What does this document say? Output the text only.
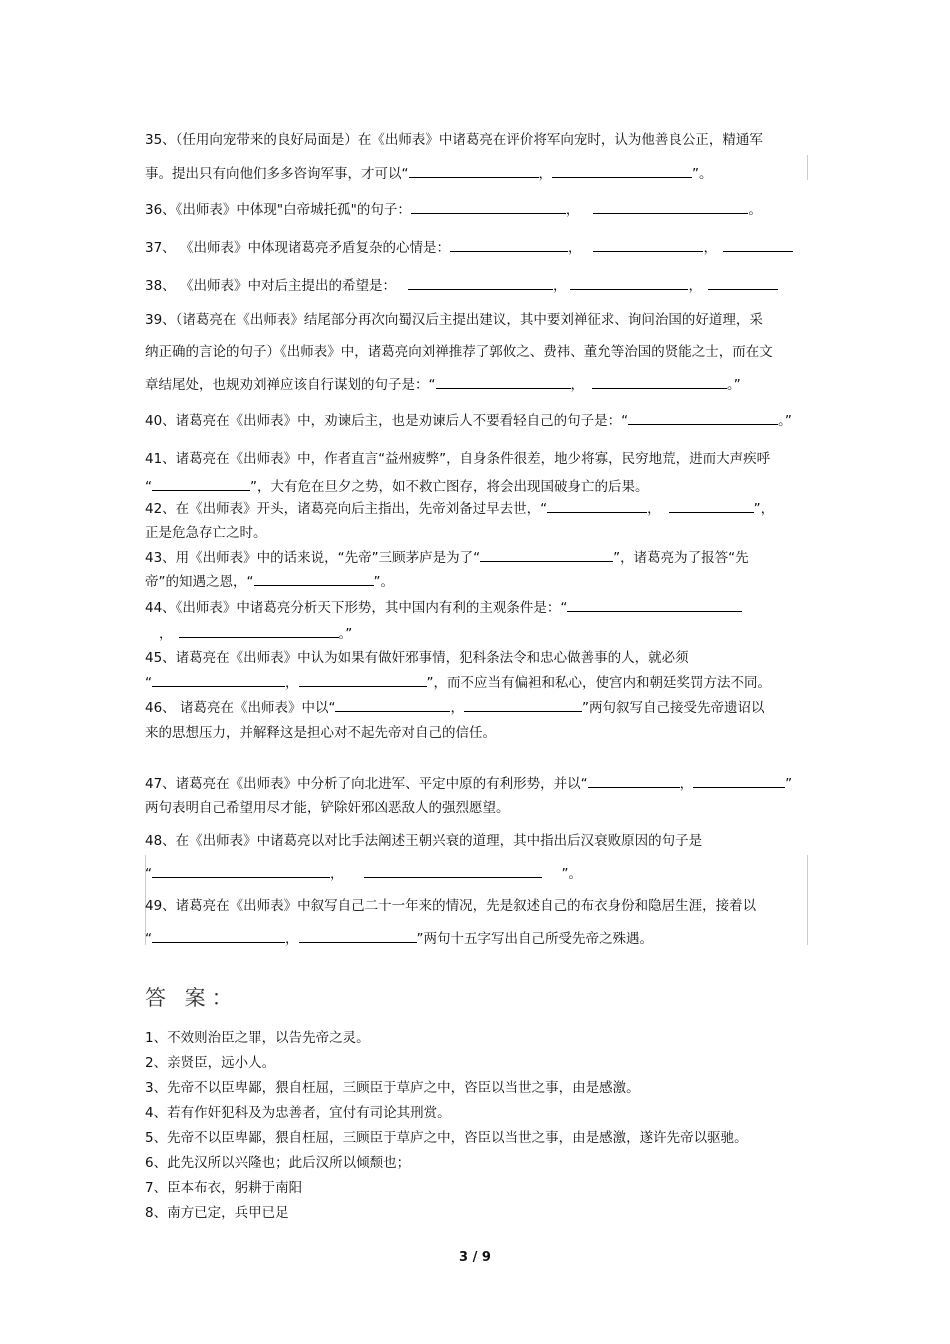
35、（任用向宠带来的良好局面是）在《出师表》中诸葛亮在评价将军向宠时，认为他善良公正，精通军
事。提出只有向他们多多咨询军事，才可以“	，	”。
36、《出师表》中体现"白帝城托孤"的句子：	，	。
37、 《出师表》中体现诸葛亮矛盾复杂的心情是：	，	，
38、 《出师表》中对后主提出的希望是：	，	，
39、（诸葛亮在《出师表》结尾部分再次向蜀汉后主提出建议，其中要刘禅征求、询问治国的好道理，采
纳正确的言论的句子）《出师表》中，诸葛亮向刘禅推荐了郭攸之、费祎、董允等治国的贤能之士，而在文
章结尾处，也规劝刘禅应该自行谋划的句子是：“	，	。”
40、诸葛亮在《出师表》中，劝谏后主，也是劝谏后人不要看轻自己的句子是：“	。”
41、诸葛亮在《出师表》中，作者直言“益州疲弊”，自身条件很差，地少将寡，民穷地荒，进而大声疾呼
“	”，大有危在旦夕之势，如不救亡图存，将会出现国破身亡的后果。
42、在《出师表》开头，诸葛亮向后主指出，先帝刘备过早去世，“	，	”，
正是危急存亡之时。
43、用《出师表》中的话来说，“先帝”三顾茅庐是为了“	”，诸葛亮为了报答“先
帝”的知遇之恩，“	”。
44、《出师表》中诸葛亮分析天下形势，其中国内有利的主观条件是：“
，	。”
45、诸葛亮在《出师表》中认为如果有做奸邪事情，犯科条法令和忠心做善事的人，就必须
“	，	”，而不应当有偏袒和私心，使宫内和朝廷奖罚方法不同。
46、 诸葛亮在《出师表》中以“	，	”两句叙写自己接受先帝遗诏以
来的思想压力，并解释这是担心对不起先帝对自己的信任。
47、诸葛亮在《出师表》中分析了向北进军、平定中原的有利形势，并以“	，	”
两句表明自己希望用尽才能，铲除奸邪凶恶敌人的强烈愿望。
48、在《出师表》中诸葛亮以对比手法阐述王朝兴衰的道理，其中指出后汉衰败原因的句子是
“	，	”。
49、诸葛亮在《出师表》中叙写自己二十一年来的情况，先是叙述自己的布衣身份和隐居生涯，接着以
“	，	”两句十五字写出自己所受先帝之殊遇。
答 案：
1、不效则治臣之罪，以告先帝之灵。
2、亲贤臣，远小人。
3、先帝不以臣卑鄙，猥自枉屈，三顾臣于草庐之中，咨臣以当世之事，由是感激。
4、若有作奸犯科及为忠善者，宜付有司论其刑赏。
5、先帝不以臣卑鄙，猥自枉屈，三顾臣于草庐之中，咨臣以当世之事，由是感激，遂许先帝以驱驰。
6、此先汉所以兴隆也；此后汉所以倾颓也；
7、臣本布衣，躬耕于南阳
8、南方已定，兵甲已足
3 / 9
